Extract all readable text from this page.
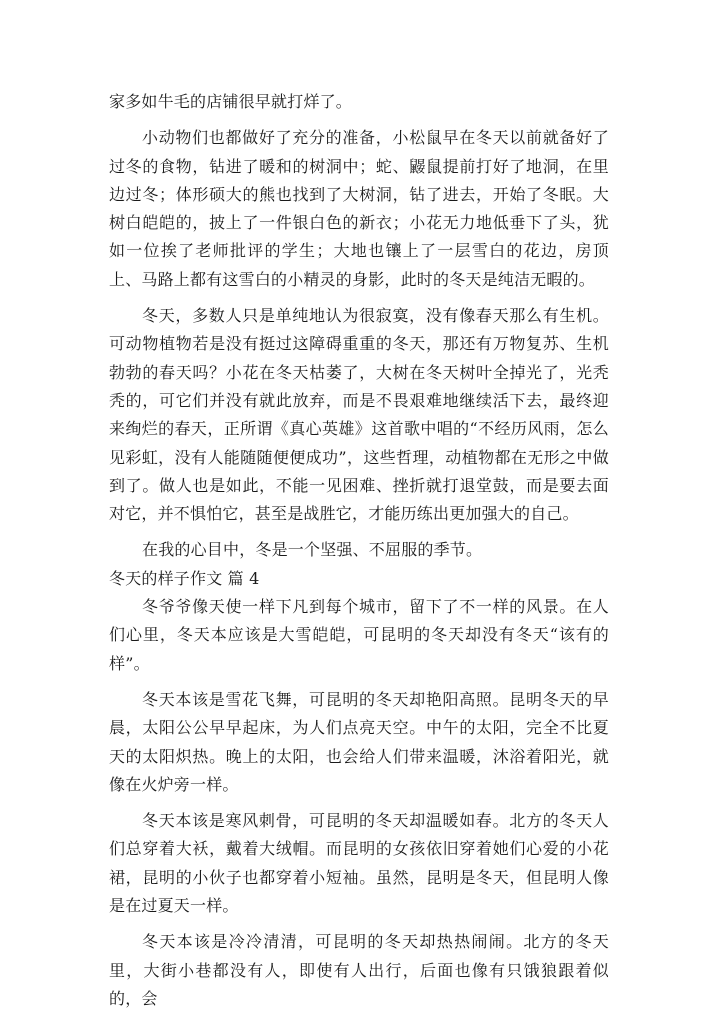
家多如牛毛的店铺很早就打烊了。

小动物们也都做好了充分的准备，小松鼠早在冬天以前就备好了过冬的食物，钻进了暖和的树洞中；蛇、鼹鼠提前打好了地洞，在里边过冬；体形硕大的熊也找到了大树洞，钻了进去，开始了冬眠。大树白皑皑的，披上了一件银白色的新衣；小花无力地低垂下了头，犹如一位挨了老师批评的学生；大地也镶上了一层雪白的花边，房顶上、马路上都有这雪白的小精灵的身影，此时的冬天是纯洁无暇的。

冬天，多数人只是单纯地认为很寂寞，没有像春天那么有生机。可动物植物若是没有挺过这障碍重重的冬天，那还有万物复苏、生机勃勃的春天吗？小花在冬天枯萎了，大树在冬天树叶全掉光了，光秃秃的，可它们并没有就此放弃，而是不畏艰难地继续活下去，最终迎来绚烂的春天，正所谓《真心英雄》这首歌中唱的“不经历风雨，怎么见彩虹，没有人能随随便便成功”，这些哲理，动植物都在无形之中做到了。做人也是如此，不能一见困难、挫折就打退堂鼓，而是要去面对它，并不惧怕它，甚至是战胜它，才能历练出更加强大的自己。

在我的心目中，冬是一个坚强、不屈服的季节。

冬天的样子作文 篇 4

冬爷爷像天使一样下凡到每个城市，留下了不一样的风景。在人们心里，冬天本应该是大雪皑皑，可昆明的冬天却没有冬天“该有的样”。

冬天本该是雪花飞舞，可昆明的冬天却艳阳高照。昆明冬天的早晨，太阳公公早早起床，为人们点亮天空。中午的太阳，完全不比夏天的太阳炽热。晚上的太阳，也会给人们带来温暖，沐浴着阳光，就像在火炉旁一样。

冬天本该是寒风刺骨，可昆明的冬天却温暖如春。北方的冬天人们总穿着大袄，戴着大绒帽。而昆明的女孩依旧穿着她们心爱的小花裙，昆明的小伙子也都穿着小短袖。虽然，昆明是冬天，但昆明人像是在过夏天一样。

冬天本该是冷冷清清，可昆明的冬天却热热闹闹。北方的冬天里，大街小巷都没有人，即使有人出行，后面也像有只饿狼跟着似的，会
